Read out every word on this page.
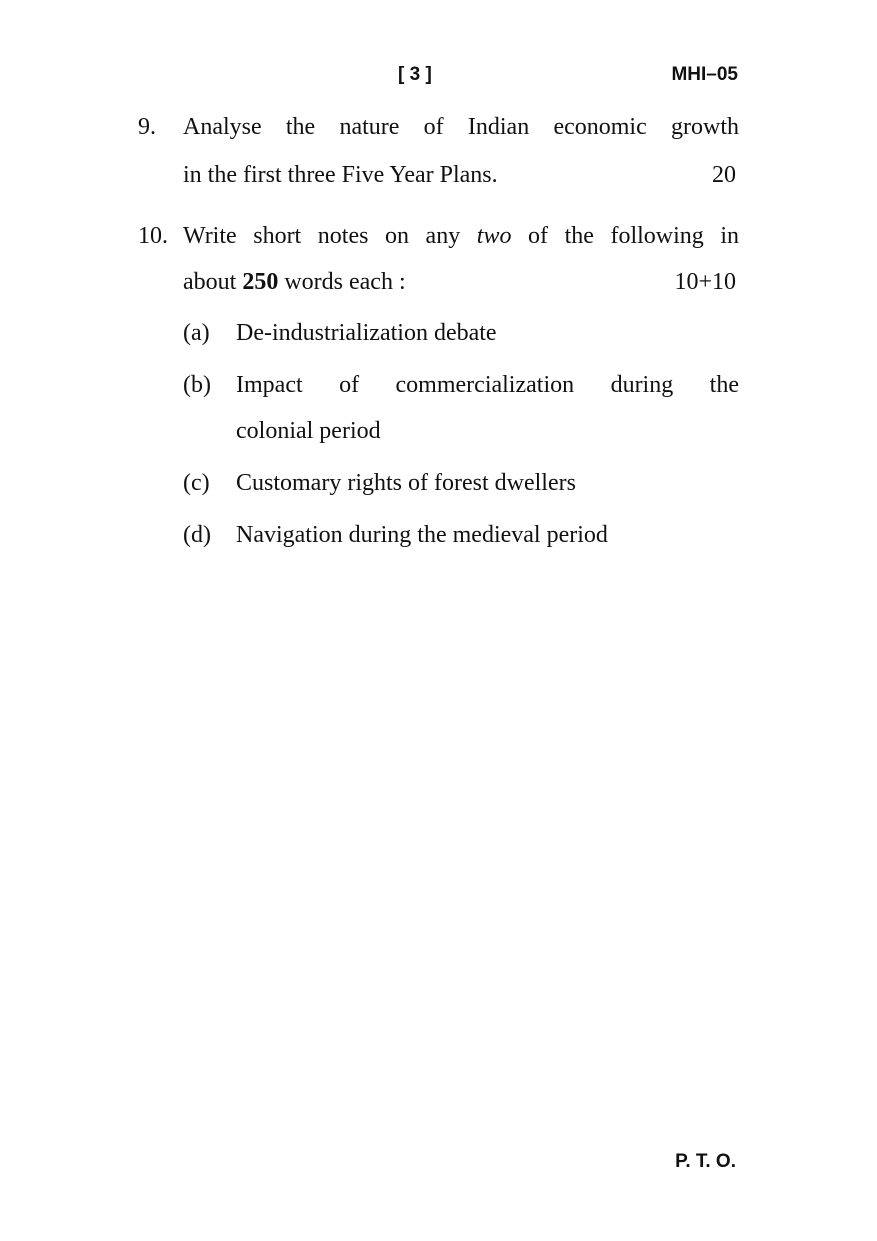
[ 3 ]	MHI–05
9. Analyse the nature of Indian economic growth
in the first three Five Year Plans.	20
10. Write short notes on any two of the following in
about 250 words each :	10+10
(a) De-industrialization debate
(b) Impact of commercialization during the
colonial period
(c) Customary rights of forest dwellers
(d) Navigation during the medieval period
P. T. O.
